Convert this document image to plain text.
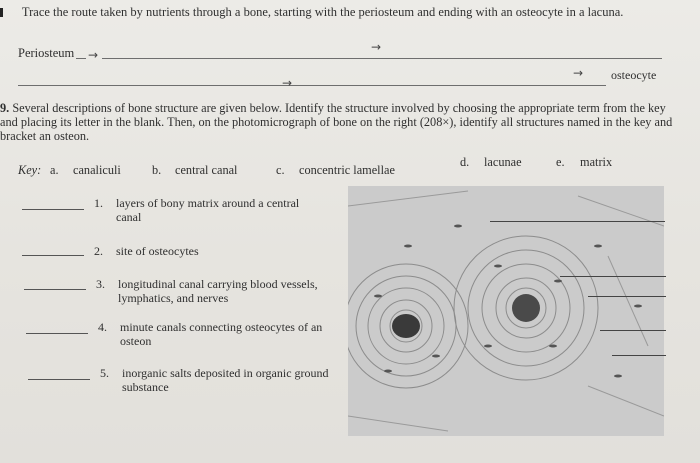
Trace the route taken by nutrients through a bone, starting with the periosteum and ending with an osteocyte in a lacuna.
Periosteum →
→
→
→ osteocyte
9. Several descriptions of bone structure are given below. Identify the structure involved by choosing the appropriate term from the key and placing its letter in the blank. Then, on the photomicrograph of bone on the right (208×), identify all structures named in the key and bracket an osteon.
Key: a. canaliculi	b. central canal	c. concentric lamellae
d. lacunae	e. matrix
1. layers of bony matrix around a central canal
2. site of osteocytes
3. longitudinal canal carrying blood vessels, lymphatics, and nerves
4. minute canals connecting osteocytes of an osteon
5. inorganic salts deposited in organic ground substance
